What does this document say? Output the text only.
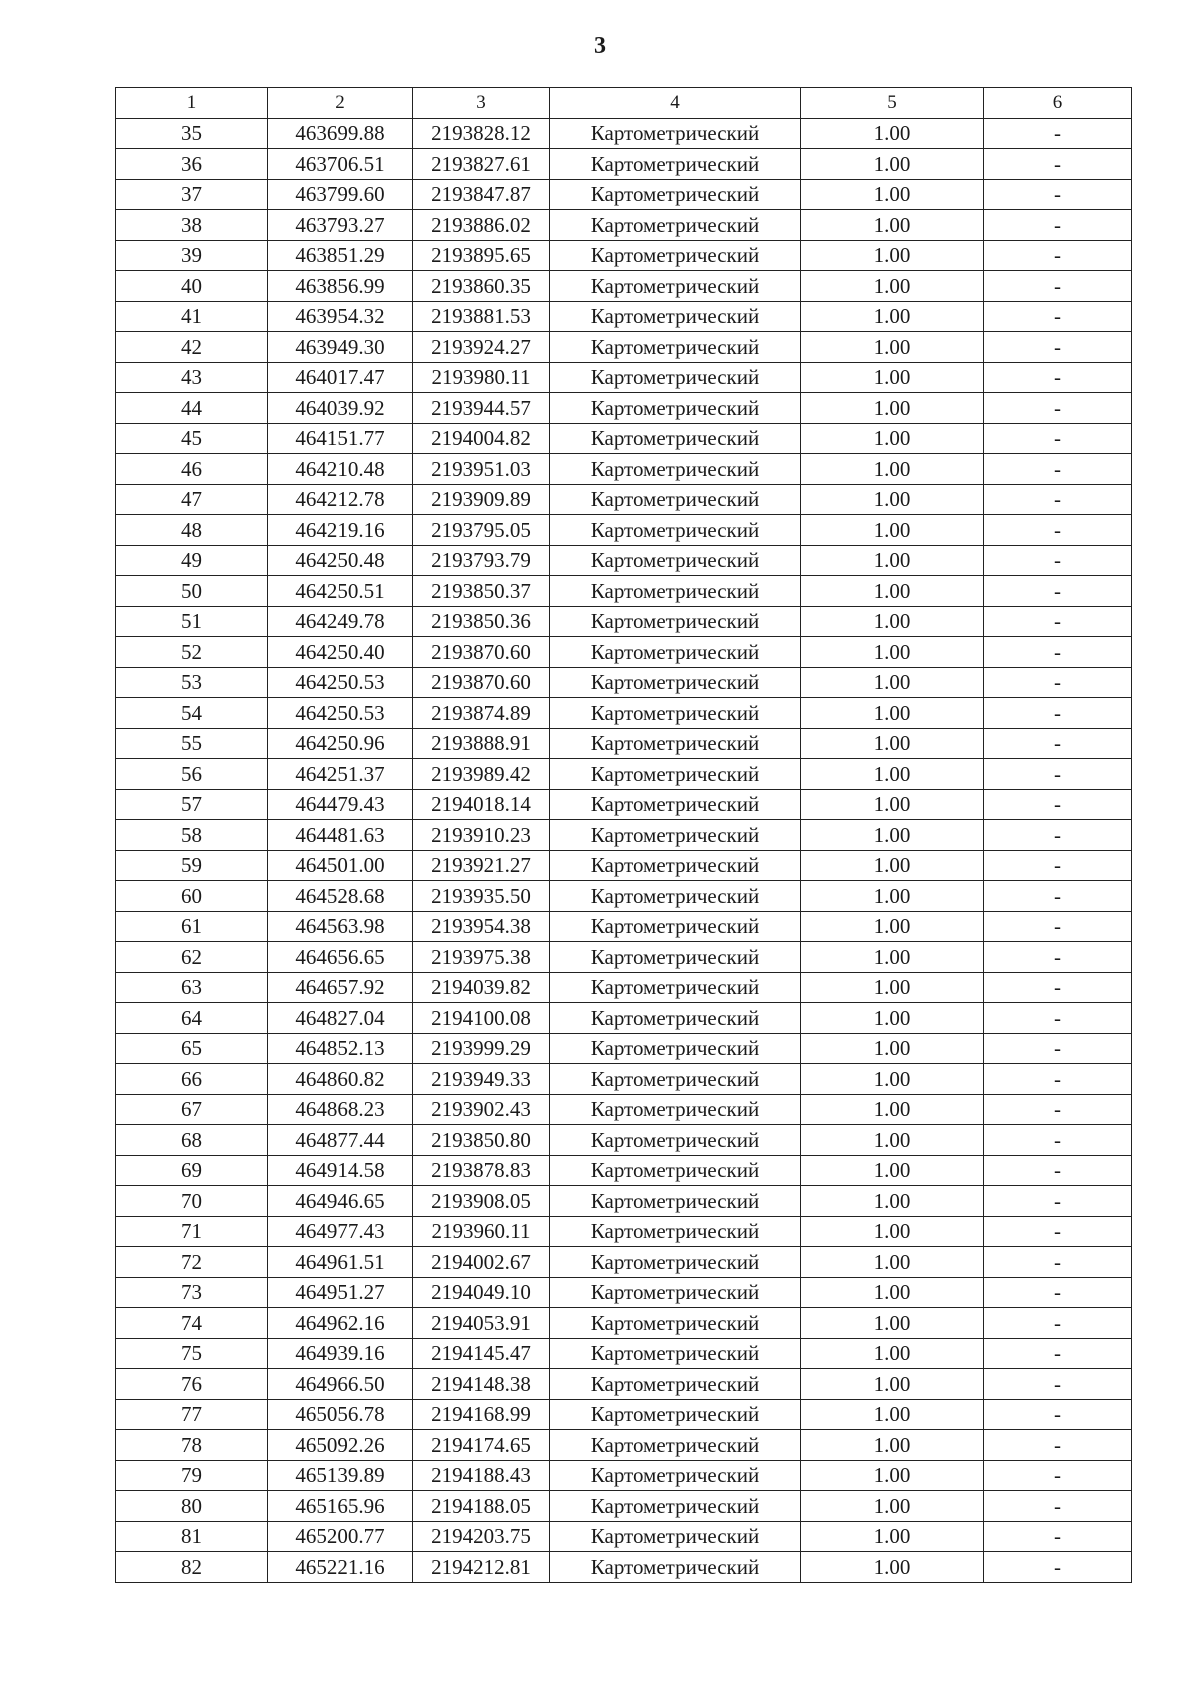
3
1	2	3	4	5	6
35	463699.88	2193828.12	Картометрический	1.00	-
36	463706.51	2193827.61	Картометрический	1.00	-
37	463799.60	2193847.87	Картометрический	1.00	-
38	463793.27	2193886.02	Картометрический	1.00	-
39	463851.29	2193895.65	Картометрический	1.00	-
40	463856.99	2193860.35	Картометрический	1.00	-
41	463954.32	2193881.53	Картометрический	1.00	-
42	463949.30	2193924.27	Картометрический	1.00	-
43	464017.47	2193980.11	Картометрический	1.00	-
44	464039.92	2193944.57	Картометрический	1.00	-
45	464151.77	2194004.82	Картометрический	1.00	-
46	464210.48	2193951.03	Картометрический	1.00	-
47	464212.78	2193909.89	Картометрический	1.00	-
48	464219.16	2193795.05	Картометрический	1.00	-
49	464250.48	2193793.79	Картометрический	1.00	-
50	464250.51	2193850.37	Картометрический	1.00	-
51	464249.78	2193850.36	Картометрический	1.00	-
52	464250.40	2193870.60	Картометрический	1.00	-
53	464250.53	2193870.60	Картометрический	1.00	-
54	464250.53	2193874.89	Картометрический	1.00	-
55	464250.96	2193888.91	Картометрический	1.00	-
56	464251.37	2193989.42	Картометрический	1.00	-
57	464479.43	2194018.14	Картометрический	1.00	-
58	464481.63	2193910.23	Картометрический	1.00	-
59	464501.00	2193921.27	Картометрический	1.00	-
60	464528.68	2193935.50	Картометрический	1.00	-
61	464563.98	2193954.38	Картометрический	1.00	-
62	464656.65	2193975.38	Картометрический	1.00	-
63	464657.92	2194039.82	Картометрический	1.00	-
64	464827.04	2194100.08	Картометрический	1.00	-
65	464852.13	2193999.29	Картометрический	1.00	-
66	464860.82	2193949.33	Картометрический	1.00	-
67	464868.23	2193902.43	Картометрический	1.00	-
68	464877.44	2193850.80	Картометрический	1.00	-
69	464914.58	2193878.83	Картометрический	1.00	-
70	464946.65	2193908.05	Картометрический	1.00	-
71	464977.43	2193960.11	Картометрический	1.00	-
72	464961.51	2194002.67	Картометрический	1.00	-
73	464951.27	2194049.10	Картометрический	1.00	-
74	464962.16	2194053.91	Картометрический	1.00	-
75	464939.16	2194145.47	Картометрический	1.00	-
76	464966.50	2194148.38	Картометрический	1.00	-
77	465056.78	2194168.99	Картометрический	1.00	-
78	465092.26	2194174.65	Картометрический	1.00	-
79	465139.89	2194188.43	Картометрический	1.00	-
80	465165.96	2194188.05	Картометрический	1.00	-
81	465200.77	2194203.75	Картометрический	1.00	-
82	465221.16	2194212.81	Картометрический	1.00	-
